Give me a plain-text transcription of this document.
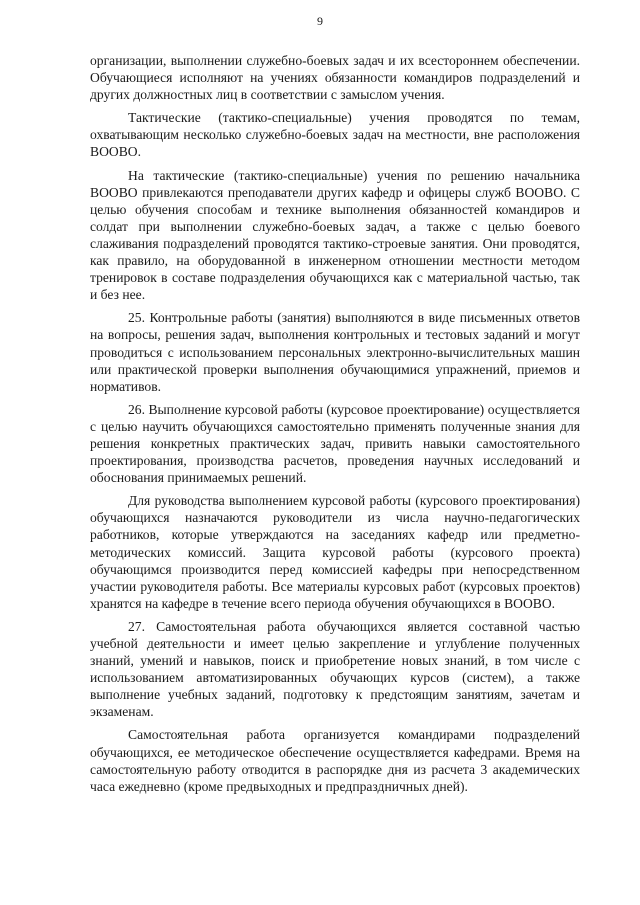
9

организации, выполнении служебно-боевых задач и их всестороннем обеспечении. Обучающиеся исполняют на учениях обязанности командиров подразделений и других должностных лиц в соответствии с замыслом учения.

Тактические (тактико-специальные) учения проводятся по темам, охватывающим несколько служебно-боевых задач на местности, вне расположения ВООВО.

На тактические (тактико-специальные) учения по решению начальника ВООВО привлекаются преподаватели других кафедр и офицеры служб ВООВО. С целью обучения способам и технике выполнения обязанностей командиров и солдат при выполнении служебно-боевых задач, а также с целью боевого слаживания подразделений проводятся тактико-строевые занятия. Они проводятся, как правило, на оборудованной в инженерном отношении местности методом тренировок в составе подразделения обучающихся как с материальной частью, так и без нее.

25. Контрольные работы (занятия) выполняются в виде письменных ответов на вопросы, решения задач, выполнения контрольных и тестовых заданий и могут проводиться с использованием персональных электронно-вычислительных машин или практической проверки выполнения обучающимися упражнений, приемов и нормативов.

26. Выполнение курсовой работы (курсовое проектирование) осуществляется с целью научить обучающихся самостоятельно применять полученные знания для решения конкретных практических задач, привить навыки самостоятельного проектирования, производства расчетов, проведения научных исследований и обоснования принимаемых решений.

Для руководства выполнением курсовой работы (курсового проектирования) обучающихся назначаются руководители из числа научно-педагогических работников, которые утверждаются на заседаниях кафедр или предметно-методических комиссий. Защита курсовой работы (курсового проекта) обучающимся производится перед комиссией кафедры при непосредственном участии руководителя работы. Все материалы курсовых работ (курсовых проектов) хранятся на кафедре в течение всего периода обучения обучающихся в ВООВО.

27. Самостоятельная работа обучающихся является составной частью учебной деятельности и имеет целью закрепление и углубление полученных знаний, умений и навыков, поиск и приобретение новых знаний, в том числе с использованием автоматизированных обучающих курсов (систем), а также выполнение учебных заданий, подготовку к предстоящим занятиям, зачетам и экзаменам.

Самостоятельная работа организуется командирами подразделений обучающихся, ее методическое обеспечение осуществляется кафедрами. Время на самостоятельную работу отводится в распорядке дня из расчета 3 академических часа ежедневно (кроме предвыходных и предпраздничных дней).
